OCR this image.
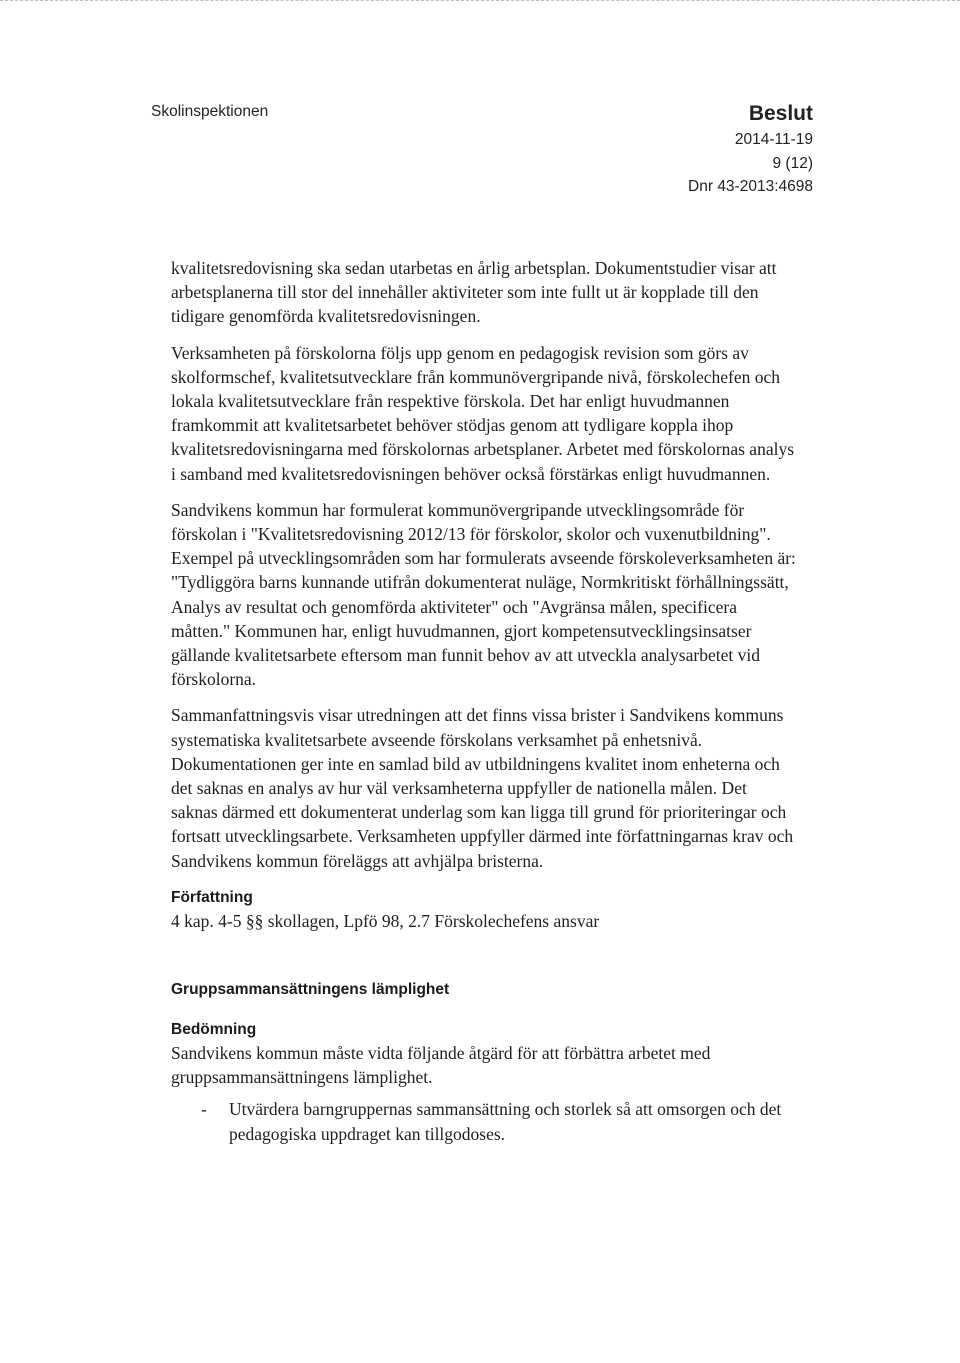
Skolinspektionen	Beslut
2014-11-19
9 (12)
Dnr 43-2013:4698

kvalitetsredovisning ska sedan utarbetas en årlig arbetsplan. Dokumentstudier visar att arbetsplanerna till stor del innehåller aktiviteter som inte fullt ut är kopplade till den tidigare genomförda kvalitetsredovisningen.

Verksamheten på förskolorna följs upp genom en pedagogisk revision som görs av skolformschef, kvalitetsutvecklare från kommunövergripande nivå, förskolechefen och lokala kvalitetsutvecklare från respektive förskola. Det har enligt huvudmannen framkommit att kvalitetsarbetet behöver stödjas genom att tydligare koppla ihop kvalitetsredovisningarna med förskolornas arbetsplaner. Arbetet med förskolornas analys i samband med kvalitetsredovisningen behöver också förstärkas enligt huvudmannen.

Sandvikens kommun har formulerat kommunövergripande utvecklingsområde för förskolan i "Kvalitetsredovisning 2012/13 för förskolor, skolor och vuxenutbildning". Exempel på utvecklingsområden som har formulerats avseende förskoleverksamheten är: "Tydliggöra barns kunnande utifrån dokumenterat nuläge, Normkritiskt förhållningssätt, Analys av resultat och genomförda aktiviteter" och "Avgränsa målen, specificera måtten." Kommunen har, enligt huvudmannen, gjort kompetensutvecklingsinsatser gällande kvalitetsarbete eftersom man funnit behov av att utveckla analysarbetet vid förskolorna.

Sammanfattningsvis visar utredningen att det finns vissa brister i Sandvikens kommuns systematiska kvalitetsarbete avseende förskolans verksamhet på enhetsnivå. Dokumentationen ger inte en samlad bild av utbildningens kvalitet inom enheterna och det saknas en analys av hur väl verksamheterna uppfyller de nationella målen. Det saknas därmed ett dokumenterat underlag som kan ligga till grund för prioriteringar och fortsatt utvecklingsarbete. Verksamheten uppfyller därmed inte författningarnas krav och Sandvikens kommun föreläggs att avhjälpa bristerna.

Författning

4 kap. 4-5 §§ skollagen, Lpfö 98, 2.7 Förskolechefens ansvar

Gruppsammansättningens lämplighet
Bedömning

Sandvikens kommun måste vidta följande åtgärd för att förbättra arbetet med gruppsammansättningens lämplighet.

- Utvärdera barngruppernas sammansättning och storlek så att omsorgen och det pedagogiska uppdraget kan tillgodoses.
